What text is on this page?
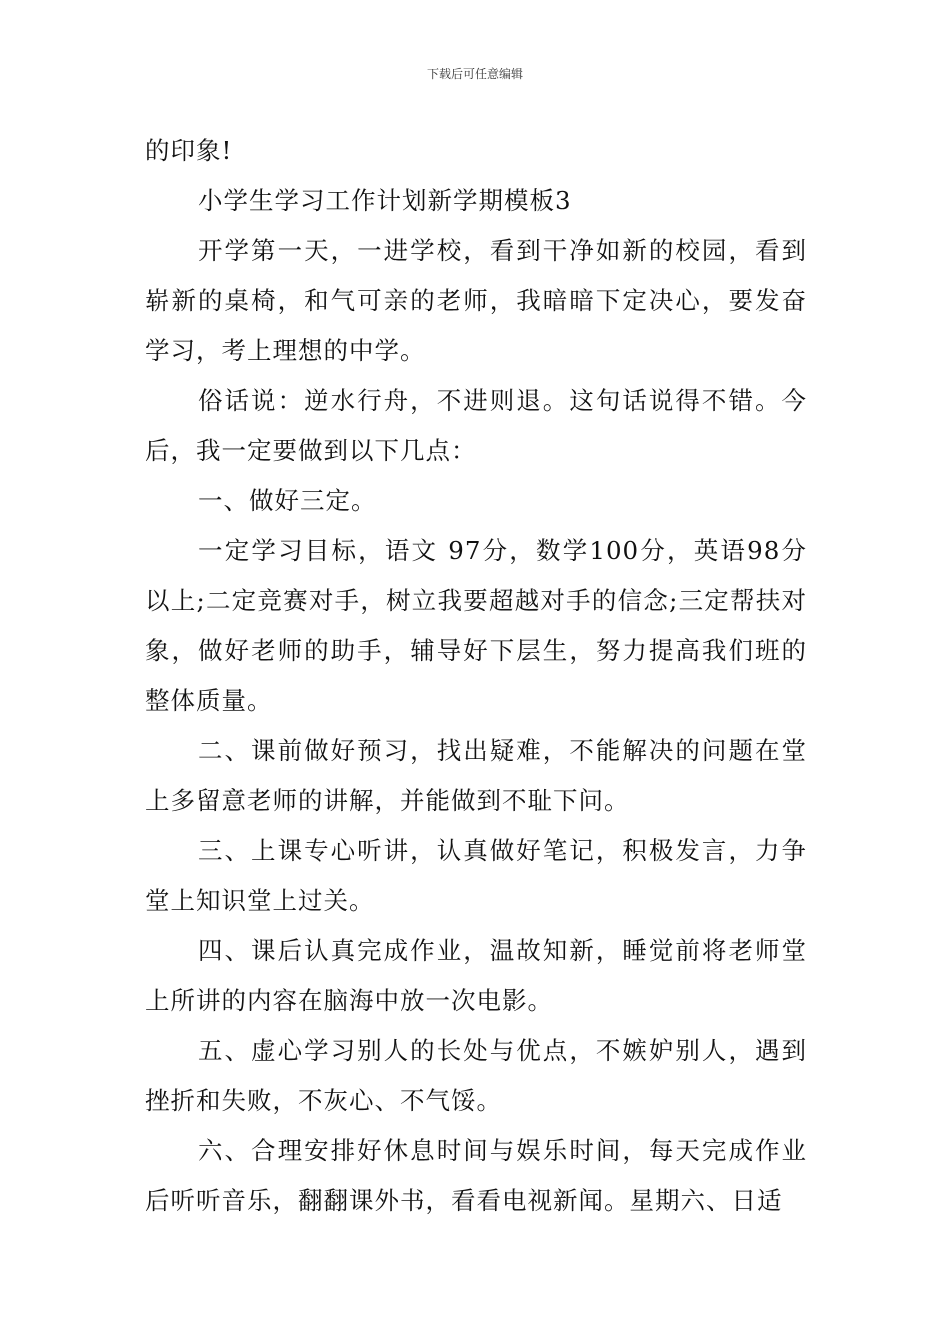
下载后可任意编辑

的印象!

小学生学习工作计划新学期模板3

开学第一天，一进学校，看到干净如新的校园，看到崭新的桌椅，和气可亲的老师，我暗暗下定决心，要发奋学习，考上理想的中学。

俗话说：逆水行舟，不进则退。这句话说得不错。今后，我一定要做到以下几点：

一、做好三定。

一定学习目标，语文 97分，数学100分，英语98分以上;二定竞赛对手，树立我要超越对手的信念;三定帮扶对象，做好老师的助手，辅导好下层生，努力提高我们班的整体质量。

二、课前做好预习，找出疑难，不能解决的问题在堂上多留意老师的讲解，并能做到不耻下问。

三、上课专心听讲，认真做好笔记，积极发言，力争堂上知识堂上过关。

四、课后认真完成作业，温故知新，睡觉前将老师堂上所讲的内容在脑海中放一次电影。

五、虚心学习别人的长处与优点，不嫉妒别人，遇到挫折和失败，不灰心、不气馁。

六、合理安排好休息时间与娱乐时间，每天完成作业后听听音乐，翻翻课外书，看看电视新闻。星期六、日适
